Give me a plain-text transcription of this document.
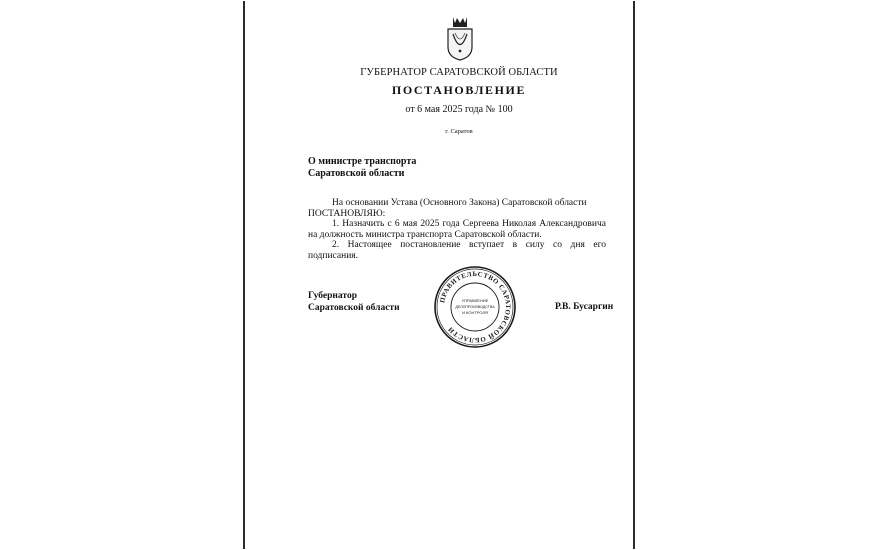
ГУБЕРНАТОР САРАТОВСКОЙ ОБЛАСТИ
ПОСТАНОВЛЕНИЕ
от 6 мая 2025 года № 100
г. Саратов
О министре транспорта
Саратовской области

На основании Устава (Основного Закона) Саратовской области

ПОСТАНОВЛЯЮ:

1. Назначить с 6 мая 2025 года Сергеева Николая Александровича на должность министра транспорта Саратовской области.

2. Настоящее постановление вступает в силу со дня его подписания.

Губернатор
Саратовской области
ПРАВИТЕЛЬСТВО САРАТОВСКОЙ ОБЛАСТИ
УПРАВЛЕНИЕ
ДЕЛОПРОИЗВОДСТВА
И КОНТРОЛЯ
Р.В. Бусаргин
